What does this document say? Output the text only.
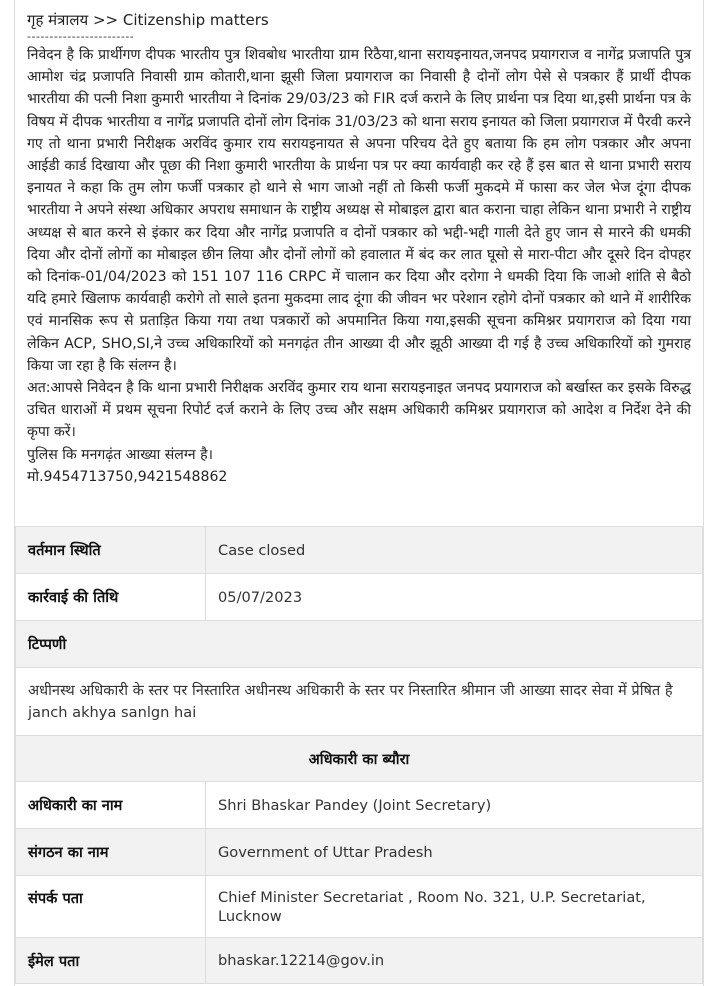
गृह मंत्रालय >> Citizenship matters
------------------------

निवेदन है कि प्रार्थीगण दीपक भारतीय पुत्र शिवबोध भारतीया ग्राम रिठैया,थाना सरायइनायत,जनपद प्रयागराज व नागेंद्र प्रजापति पुत्र आमोश चंद्र प्रजापति निवासी ग्राम कोतारी,थाना झूसी जिला प्रयागराज का निवासी है दोनों लोग पेसे से पत्रकार हैं प्रार्थी दीपक भारतीया की पत्नी निशा कुमारी भारतीया ने दिनांक 29/03/23 को FIR दर्ज कराने के लिए प्रार्थना पत्र दिया था,इसी प्रार्थना पत्र के विषय में दीपक भारतीया व नागेंद्र प्रजापति दोनों लोग दिनांक 31/03/23 को थाना सराय इनायत को जिला प्रयागराज में पैरवी करने गए तो थाना प्रभारी निरीक्षक अरविंद कुमार राय सरायइनायत से अपना परिचय देते हुए बताया कि हम लोग पत्रकार और अपना आईडी कार्ड दिखाया और पूछा की निशा कुमारी भारतीया के प्रार्थना पत्र पर क्या कार्यवाही कर रहे हैं इस बात से थाना प्रभारी सराय इनायत ने कहा कि तुम लोग फर्जी पत्रकार हो थाने से भाग जाओ नहीं तो किसी फर्जी मुकदमे में फासा कर जेल भेज दूंगा दीपक भारतीया ने अपने संस्था अधिकार अपराध समाधान के राष्ट्रीय अध्यक्ष से मोबाइल द्वारा बात कराना चाहा लेकिन थाना प्रभारी ने राष्ट्रीय अध्यक्ष से बात करने से इंकार कर दिया और नागेंद्र प्रजापति व दोनों पत्रकार को भद्दी-भद्दी गाली देते हुए जान से मारने की धमकी दिया और दोनों लोगों का मोबाइल छीन लिया और दोनों लोगों को हवालात में बंद कर लात घूसो से मारा-पीटा और दूसरे दिन दोपहर को दिनांक-01/04/2023 को 151 107 116 CRPC में चालान कर दिया और दरोगा ने धमकी दिया कि जाओ शांति से बैठो यदि हमारे खिलाफ कार्यवाही करोगे तो साले इतना मुकदमा लाद दूंगा की जीवन भर परेशान रहोगे दोनों पत्रकार को थाने में शारीरिक एवं मानसिक रूप से प्रताड़ित किया गया तथा पत्रकारों को अपमानित किया गया,इसकी सूचना कमिश्नर प्रयागराज को दिया गया लेकिन ACP, SHO,SI,ने उच्च अधिकारियों को मनगढ़ंत तीन आख्या दी और झूठी आख्या दी गई है उच्च अधिकारियों को गुमराह किया जा रहा है कि संलग्न है।

अत:आपसे निवेदन है कि थाना प्रभारी निरीक्षक अरविंद कुमार राय थाना सरायइनाइत जनपद प्रयागराज को बर्खास्त कर इसके विरुद्ध उचित धाराओं में प्रथम सूचना रिपोर्ट दर्ज कराने के लिए उच्च और सक्षम अधिकारी कमिश्नर प्रयागराज को आदेश व निर्देश देने की कृपा करें।

पुलिस कि मनगढ़ंत आख्या संलग्न है।

मो.9454713750,9421548862

वर्तमान स्थिति	Case closed
कार्रवाई की तिथि	05/07/2023
टिप्पणी	
अधीनस्थ अधिकारी के स्तर पर निस्तारित अधीनस्थ अधिकारी के स्तर पर निस्तारित श्रीमान जी आख्या सादर सेवा में प्रेषित है janch akhya sanlgn hai	
अधिकारी का ब्यौरा	
अधिकारी का नाम	Shri Bhaskar Pandey (Joint Secretary)
संगठन का नाम	Government of Uttar Pradesh
संपर्क पता	Chief Minister Secretariat , Room No. 321, U.P. Secretariat,
Lucknow

ईमेल पता	bhaskar.12214@gov.in
